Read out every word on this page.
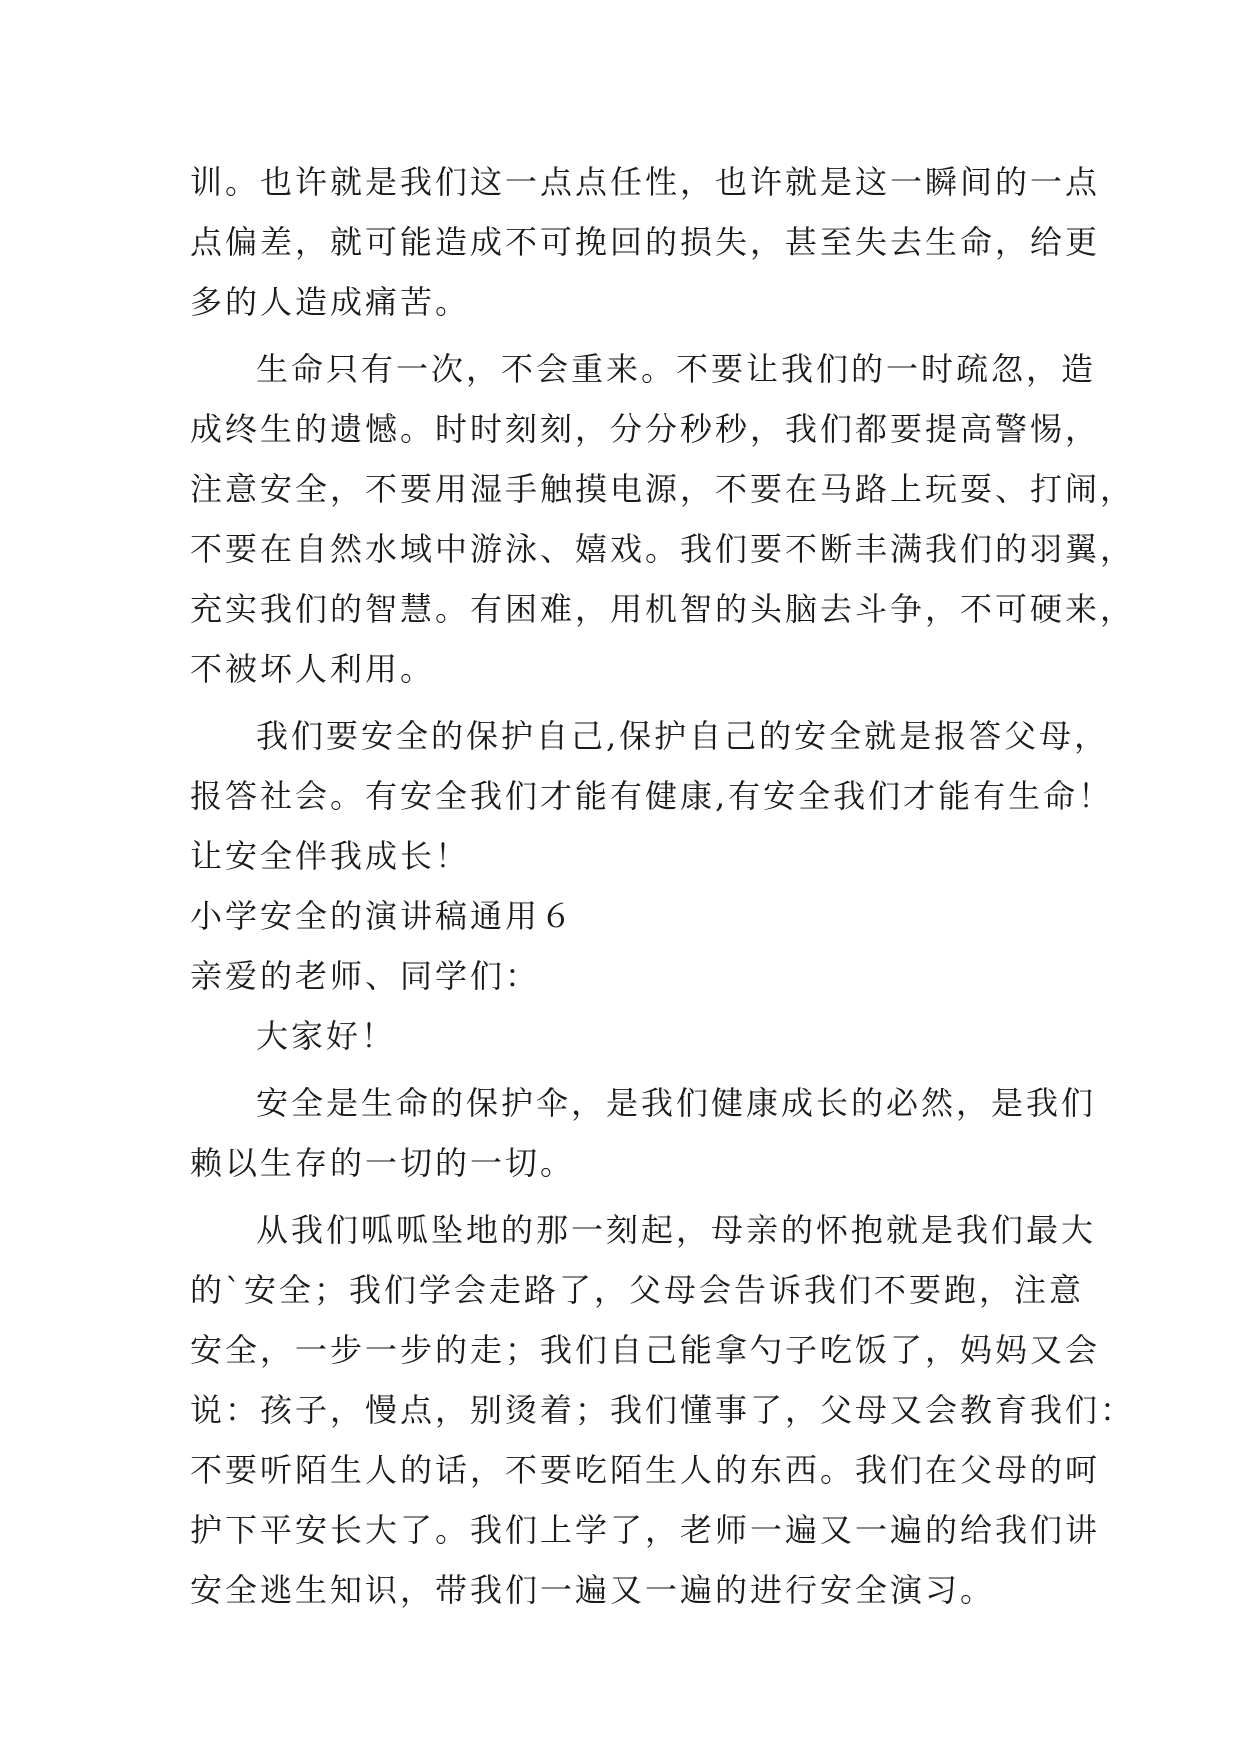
训。也许就是我们这一点点任性，也许就是这一瞬间的一点
点偏差，就可能造成不可挽回的损失，甚至失去生命，给更
多的人造成痛苦。
生命只有一次，不会重来。不要让我们的一时疏忽，造
成终生的遗憾。时时刻刻，分分秒秒，我们都要提高警惕，
注意安全，不要用湿手触摸电源，不要在马路上玩耍、打闹，
不要在自然水域中游泳、嬉戏。我们要不断丰满我们的羽翼，
充实我们的智慧。有困难，用机智的头脑去斗争，不可硬来，
不被坏人利用。
我们要安全的保护自己,保护自己的安全就是报答父母，
报答社会。有安全我们才能有健康,有安全我们才能有生命！
让安全伴我成长！
小学安全的演讲稿通用６
亲爱的老师、同学们：
大家好！
安全是生命的保护伞，是我们健康成长的必然，是我们
赖以生存的一切的一切。
从我们呱呱坠地的那一刻起，母亲的怀抱就是我们最大
的`安全；我们学会走路了，父母会告诉我们不要跑，注意
安全，一步一步的走；我们自己能拿勺子吃饭了，妈妈又会
说：孩子，慢点，别烫着；我们懂事了，父母又会教育我们：
不要听陌生人的话，不要吃陌生人的东西。我们在父母的呵
护下平安长大了。我们上学了，老师一遍又一遍的给我们讲
安全逃生知识，带我们一遍又一遍的进行安全演习。
